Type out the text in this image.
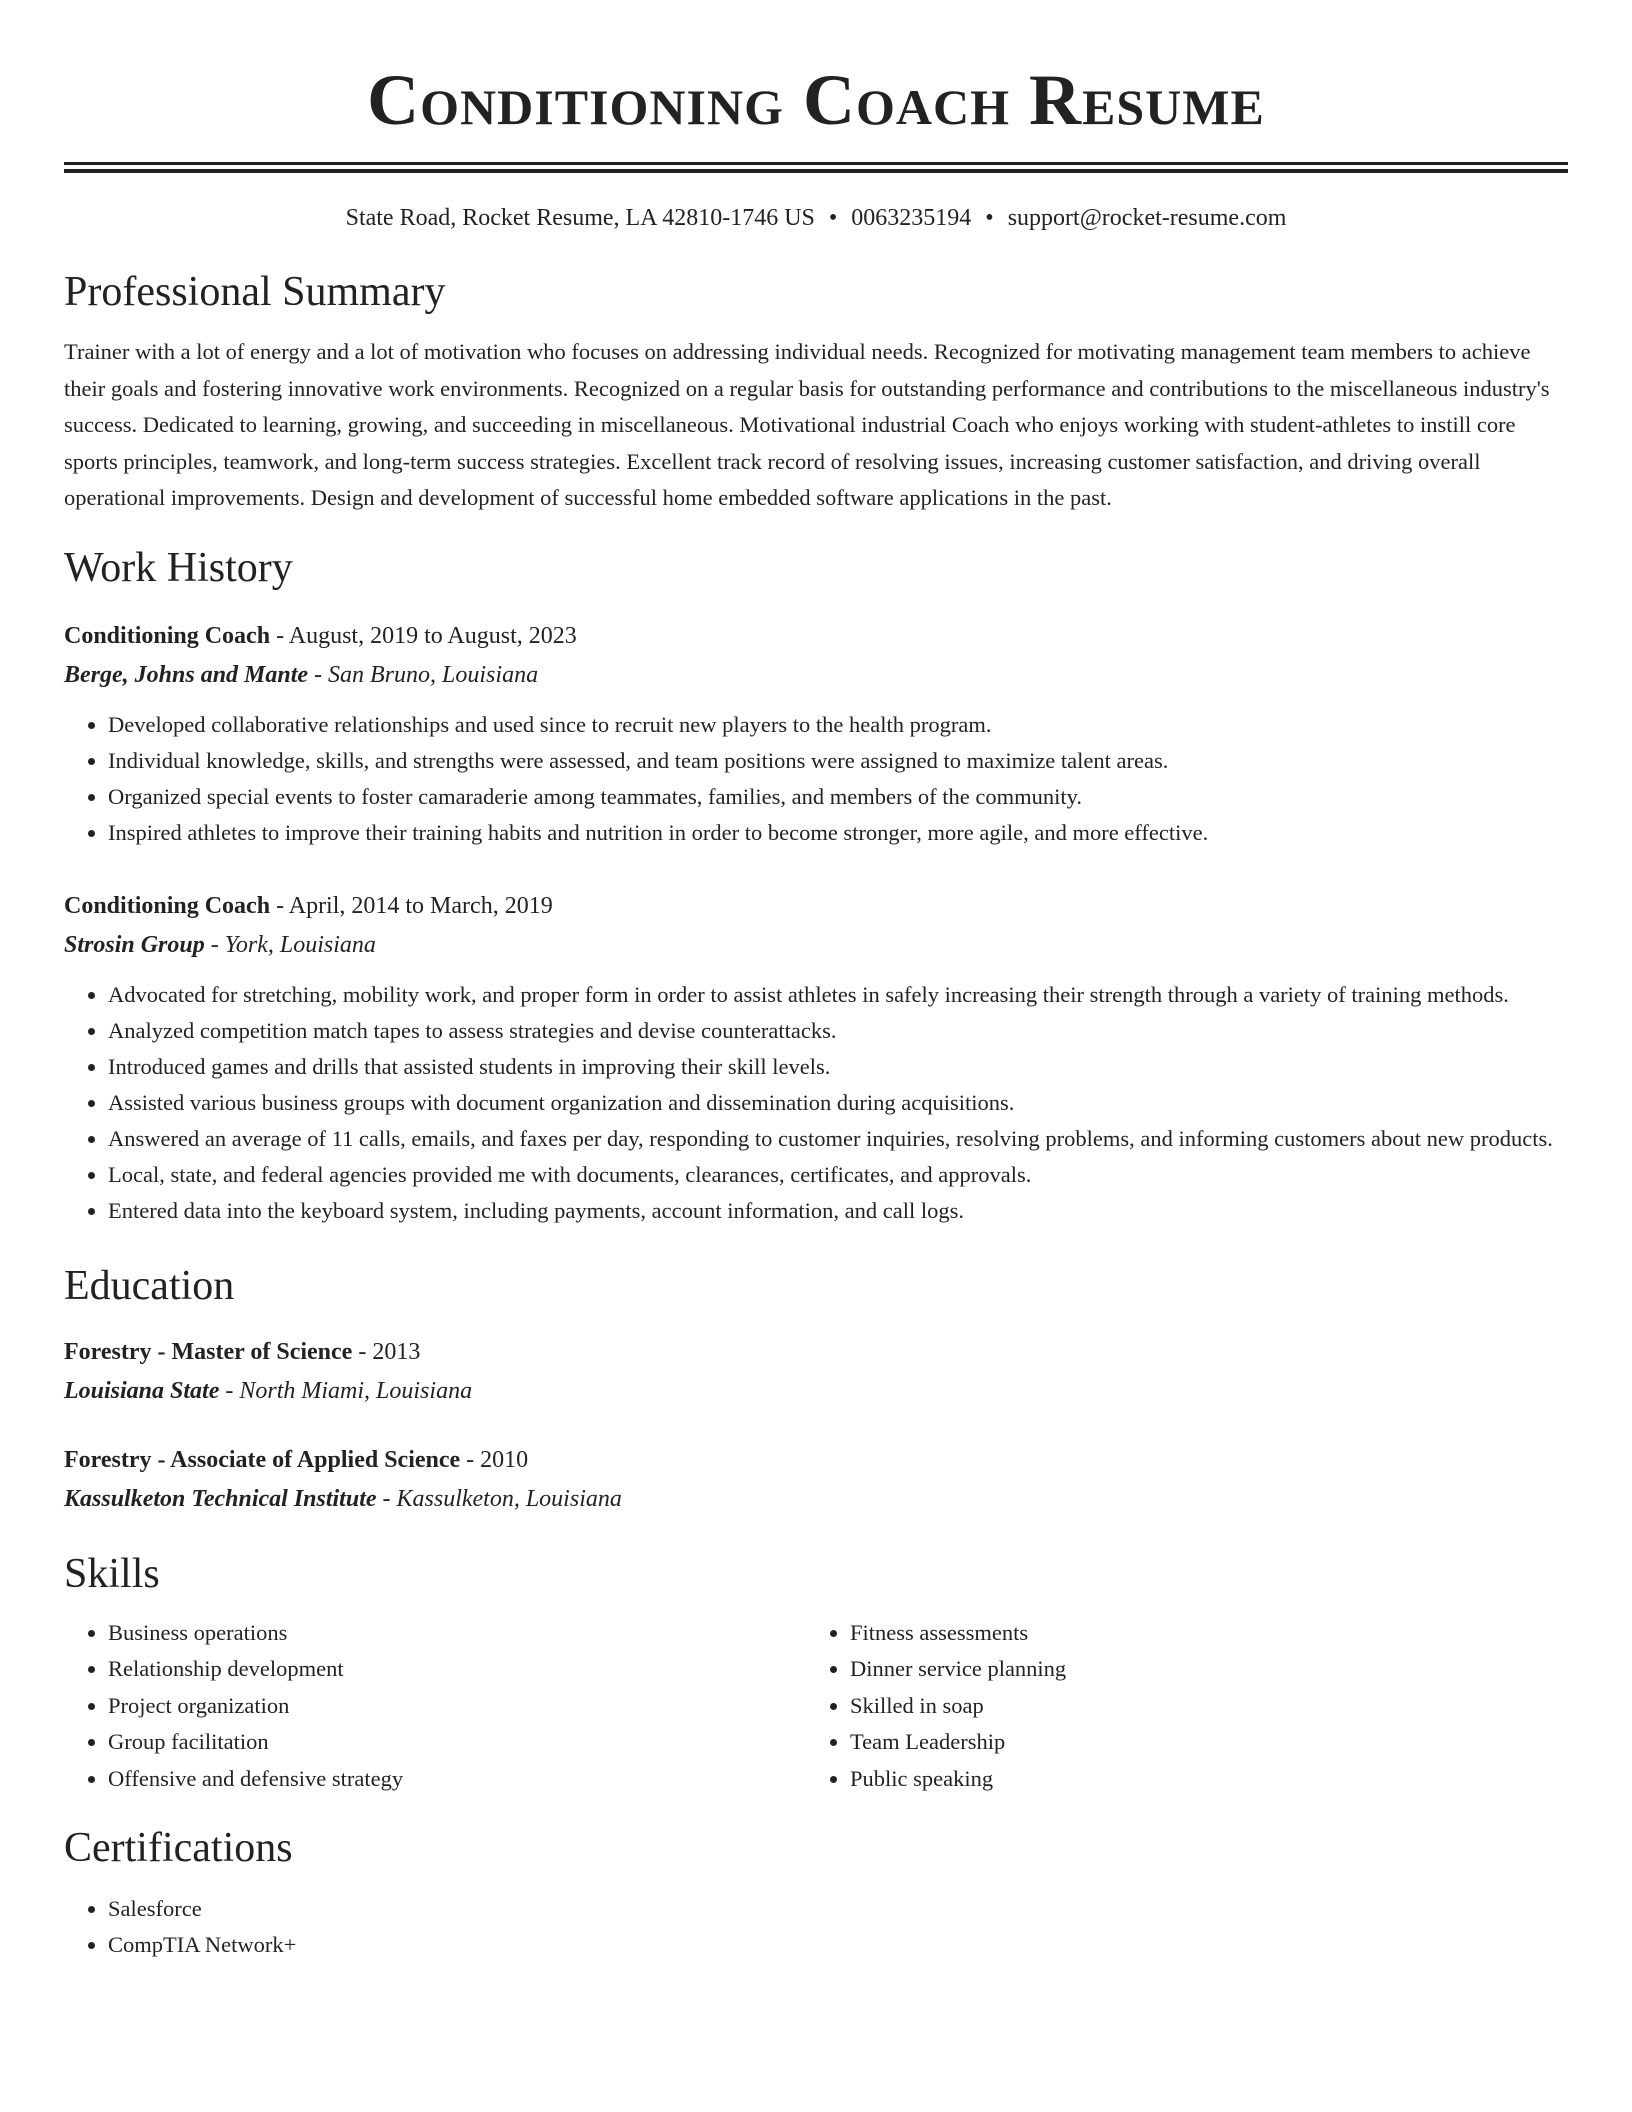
Conditioning Coach Resume
State Road, Rocket Resume, LA 42810-1746 US • 0063235194 • support@rocket-resume.com
Professional Summary

Trainer with a lot of energy and a lot of motivation who focuses on addressing individual needs. Recognized for motivating management team members to achieve their goals and fostering innovative work environments. Recognized on a regular basis for outstanding performance and contributions to the miscellaneous industry's success. Dedicated to learning, growing, and succeeding in miscellaneous. Motivational industrial Coach who enjoys working with student-athletes to instill core sports principles, teamwork, and long-term success strategies. Excellent track record of resolving issues, increasing customer satisfaction, and driving overall operational improvements. Design and development of successful home embedded software applications in the past.

Work History
Conditioning Coach - August, 2019 to August, 2023
Berge, Johns and Mante - San Bruno, Louisiana
• Developed collaborative relationships and used since to recruit new players to the health program.
• Individual knowledge, skills, and strengths were assessed, and team positions were assigned to maximize talent areas.
• Organized special events to foster camaraderie among teammates, families, and members of the community.
• Inspired athletes to improve their training habits and nutrition in order to become stronger, more agile, and more effective.
Conditioning Coach - April, 2014 to March, 2019
Strosin Group - York, Louisiana
• Advocated for stretching, mobility work, and proper form in order to assist athletes in safely increasing their strength through a variety of training methods.
• Analyzed competition match tapes to assess strategies and devise counterattacks.
• Introduced games and drills that assisted students in improving their skill levels.
• Assisted various business groups with document organization and dissemination during acquisitions.
• Answered an average of 11 calls, emails, and faxes per day, responding to customer inquiries, resolving problems, and informing customers about new products.
• Local, state, and federal agencies provided me with documents, clearances, certificates, and approvals.
• Entered data into the keyboard system, including payments, account information, and call logs.
Education
Forestry - Master of Science - 2013
Louisiana State - North Miami, Louisiana
Forestry - Associate of Applied Science - 2010
Kassulketon Technical Institute - Kassulketon, Louisiana
Skills
• Business operations
• Relationship development
• Project organization
• Group facilitation
• Offensive and defensive strategy
• Fitness assessments
• Dinner service planning
• Skilled in soap
• Team Leadership
• Public speaking
Certifications
• Salesforce
• CompTIA Network+
